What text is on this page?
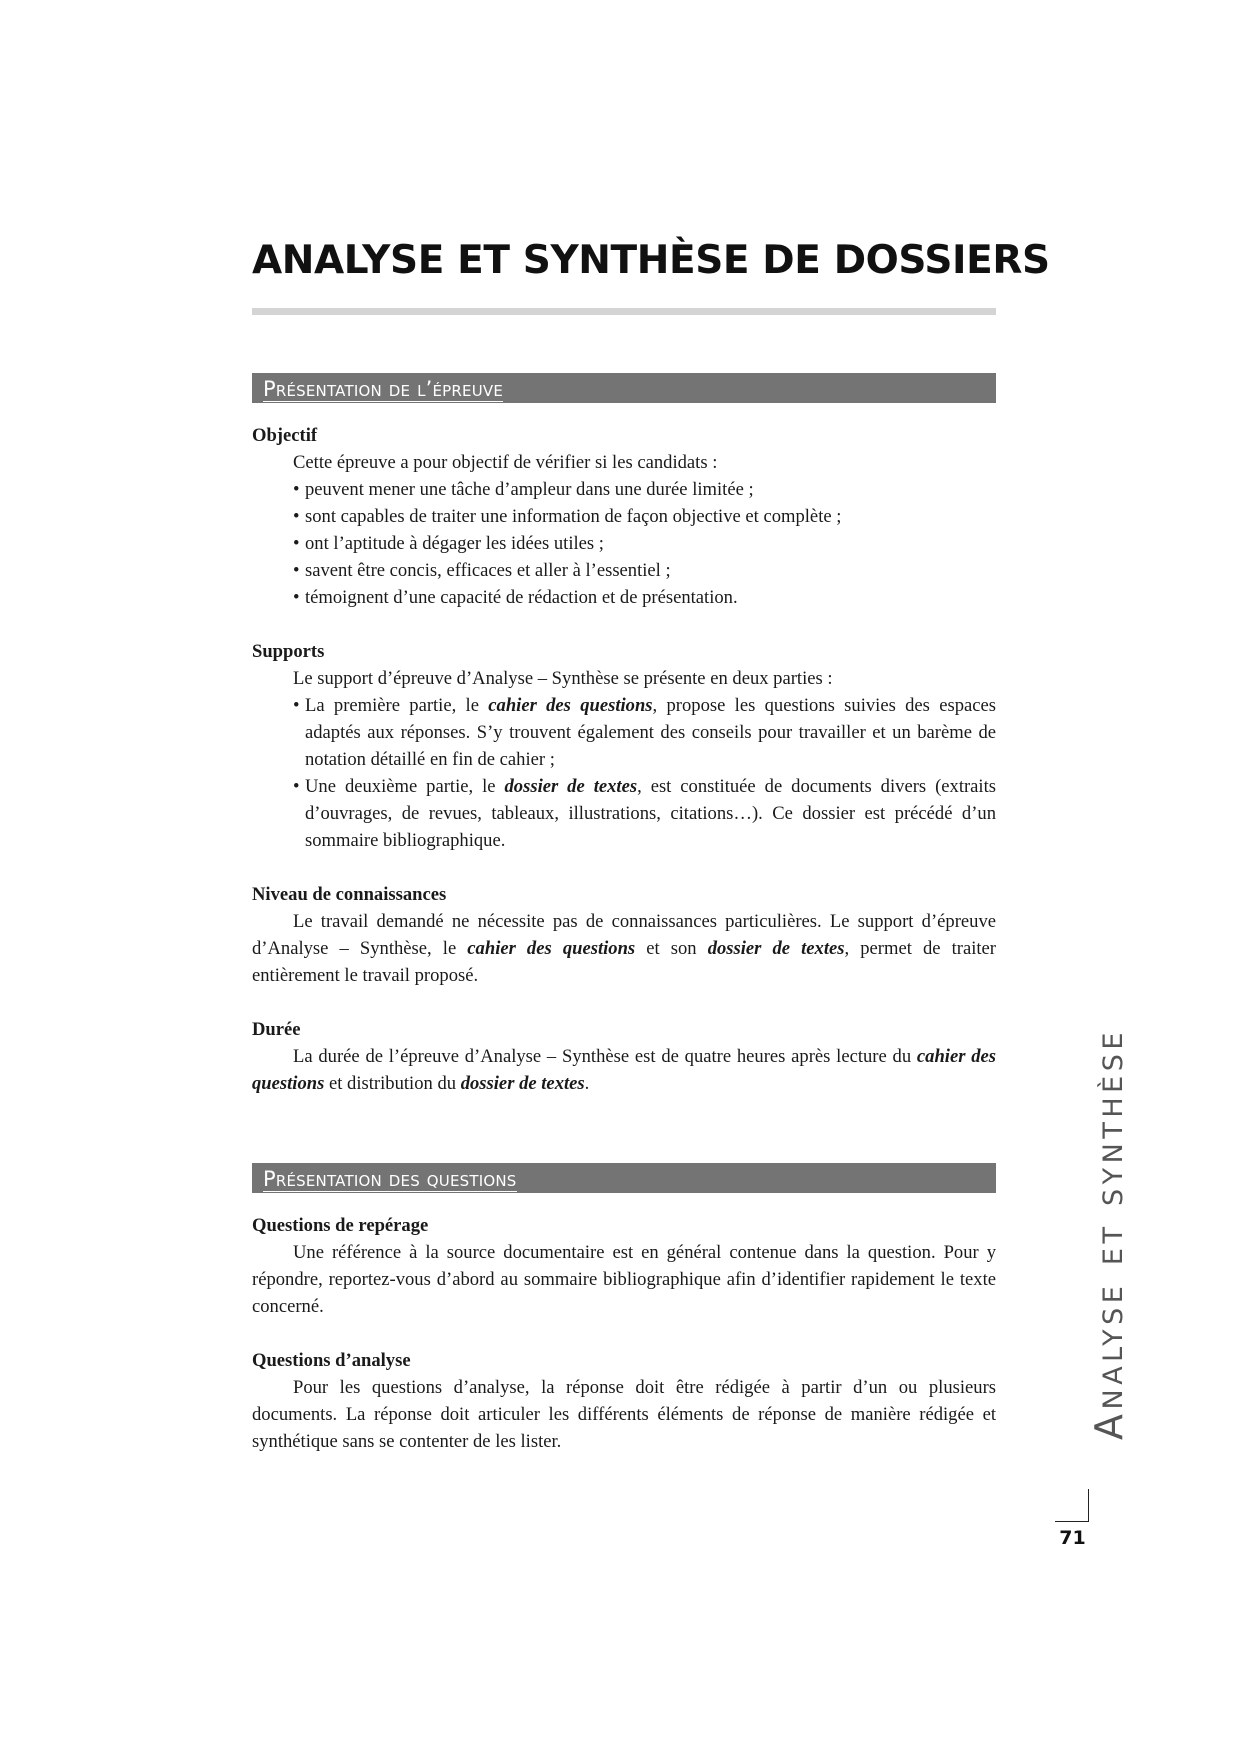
ANALYSE ET SYNTHÈSE DE DOSSIERS
Présentation de l’épreuve
Objectif

Cette épreuve a pour objectif de vérifier si les candidats :

• peuvent mener une tâche d’ampleur dans une durée limitée ;
• sont capables de traiter une information de façon objective et complète ;
• ont l’aptitude à dégager les idées utiles ;
• savent être concis, efficaces et aller à l’essentiel ;
• témoignent d’une capacité de rédaction et de présentation.
Supports

Le support d’épreuve d’Analyse – Synthèse se présente en deux parties :

• La première partie, le cahier des questions, propose les questions suivies des espaces adaptés aux réponses. S’y trouvent également des conseils pour travailler et un barème de notation détaillé en fin de cahier ;
• Une deuxième partie, le dossier de textes, est constituée de documents divers (extraits d’ouvrages, de revues, tableaux, illustrations, citations…). Ce dossier est précédé d’un sommaire bibliographique.
Niveau de connaissances

Le travail demandé ne nécessite pas de connaissances particulières. Le support d’épreuve d’Analyse – Synthèse, le cahier des questions et son dossier de textes, permet de traiter entièrement le travail proposé.

Durée

La durée de l’épreuve d’Analyse – Synthèse est de quatre heures après lecture du cahier des questions et distribution du dossier de textes.

Présentation des questions
Questions de repérage

Une référence à la source documentaire est en général contenue dans la question. Pour y répondre, reportez-vous d’abord au sommaire bibliographique afin d’identifier rapidement le texte concerné.

Questions d’analyse

Pour les questions d’analyse, la réponse doit être rédigée à partir d’un ou plusieurs documents. La réponse doit articuler les différents éléments de réponse de manière rédigée et synthétique sans se contenter de les lister.

Analyse et synthèse
71
